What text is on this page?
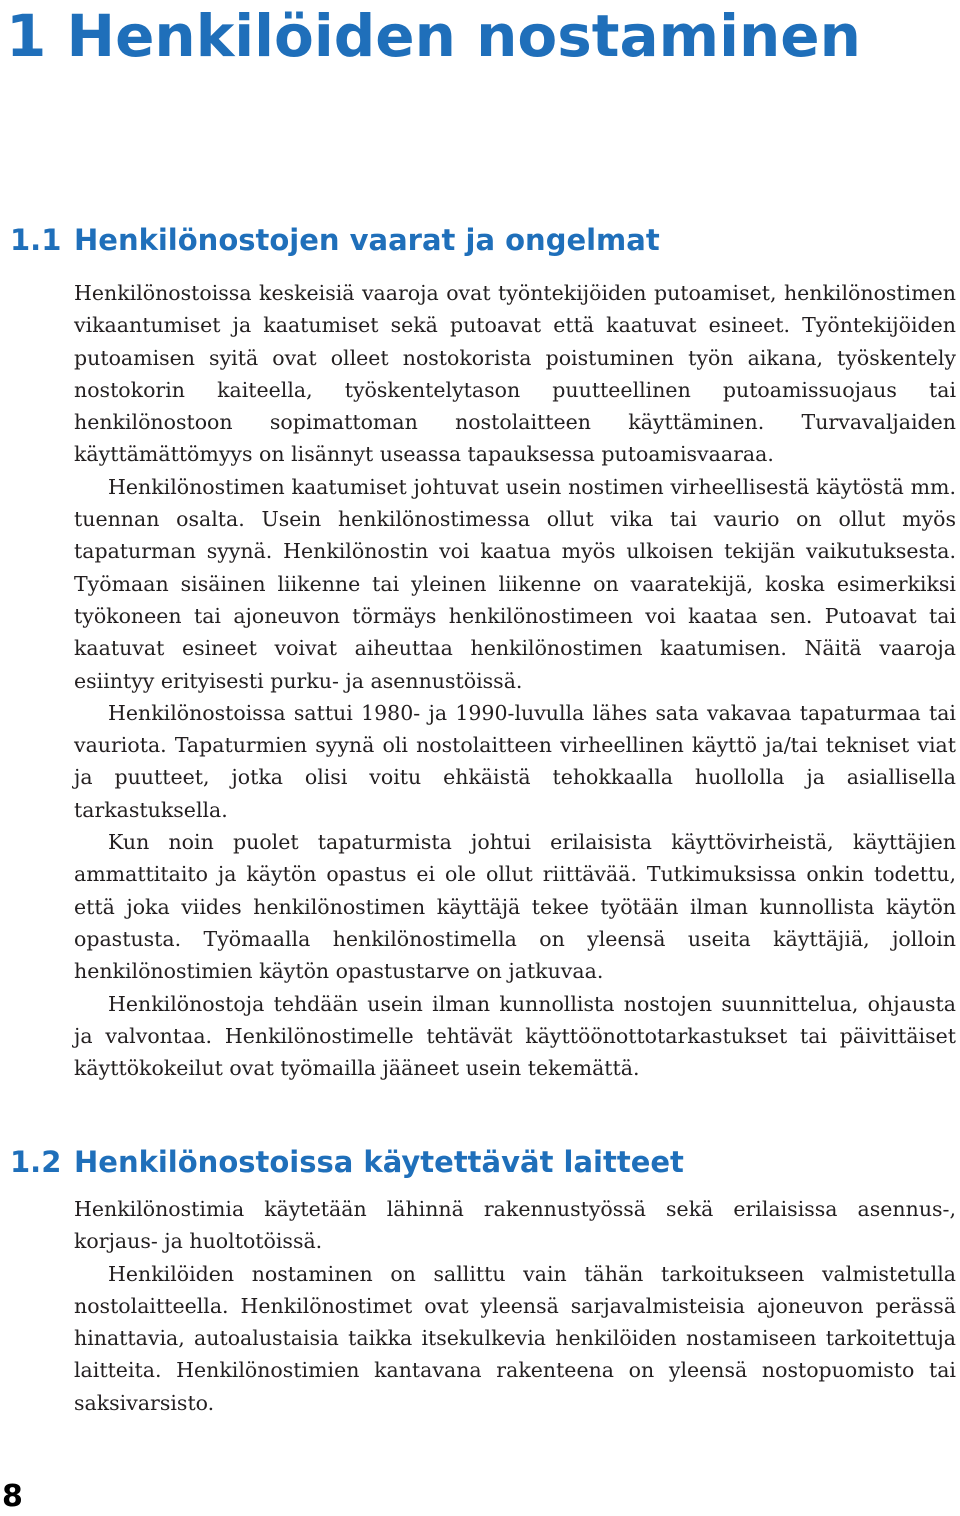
1 Henkilöiden nostaminen
1.1 Henkilönostojen vaarat ja ongelmat

Henkilönostoissa keskeisiä vaaroja ovat työntekijöiden putoamiset, henkilönostimen vikaantumiset ja kaatumiset sekä putoavat että kaatuvat esineet. Työntekijöiden putoamisen syitä ovat olleet nostokorista poistuminen työn aikana, työskentely nostokorin kaiteella, työskentelytason puutteellinen putoamissuojaus tai henkilönostoon sopimattoman nostolaitteen käyttäminen. Turvavaljaiden käyttämättömyys on lisännyt useassa tapauksessa putoamisvaaraa.

Henkilönostimen kaatumiset johtuvat usein nostimen virheellisestä käytöstä mm. tuennan osalta. Usein henkilönostimessa ollut vika tai vaurio on ollut myös tapaturman syynä. Henkilönostin voi kaatua myös ulkoisen tekijän vaikutuksesta. Työmaan sisäinen liikenne tai yleinen liikenne on vaaratekijä, koska esimerkiksi työkoneen tai ajoneuvon törmäys henkilönostimeen voi kaataa sen. Putoavat tai kaatuvat esineet voivat aiheuttaa henkilönostimen kaatumisen. Näitä vaaroja esiintyy erityisesti purku- ja asennustöissä.

Henkilönostoissa sattui 1980- ja 1990-luvulla lähes sata vakavaa tapaturmaa tai vauriota. Tapaturmien syynä oli nostolaitteen virheellinen käyttö ja/tai tekniset viat ja puutteet, jotka olisi voitu ehkäistä tehokkaalla huollolla ja asiallisella tarkastuksella.

Kun noin puolet tapaturmista johtui erilaisista käyttövirheistä, käyttäjien ammattitaito ja käytön opastus ei ole ollut riittävää. Tutkimuksissa onkin todettu, että joka viides henkilönostimen käyttäjä tekee työtään ilman kunnollista käytön opastusta. Työmaalla henkilönostimella on yleensä useita käyttäjiä, jolloin henkilönostimien käytön opastustarve on jatkuvaa.

Henkilönostoja tehdään usein ilman kunnollista nostojen suunnittelua, ohjausta ja valvontaa. Henkilönostimelle tehtävät käyttöönottotarkastukset tai päivittäiset käyttökokeilut ovat työmailla jääneet usein tekemättä.

1.2 Henkilönostoissa käytettävät laitteet

Henkilönostimia käytetään lähinnä rakennustyössä sekä erilaisissa asennus-, korjaus- ja huoltotöissä.

Henkilöiden nostaminen on sallittu vain tähän tarkoitukseen valmistetulla nostolaitteella. Henkilönostimet ovat yleensä sarjavalmisteisia ajoneuvon perässä hinattavia, autoalustaisia taikka itsekulkevia henkilöiden nostamiseen tarkoitettuja laitteita. Henkilönostimien kantavana rakenteena on yleensä nostopuomisto tai saksivarsisto.

8
